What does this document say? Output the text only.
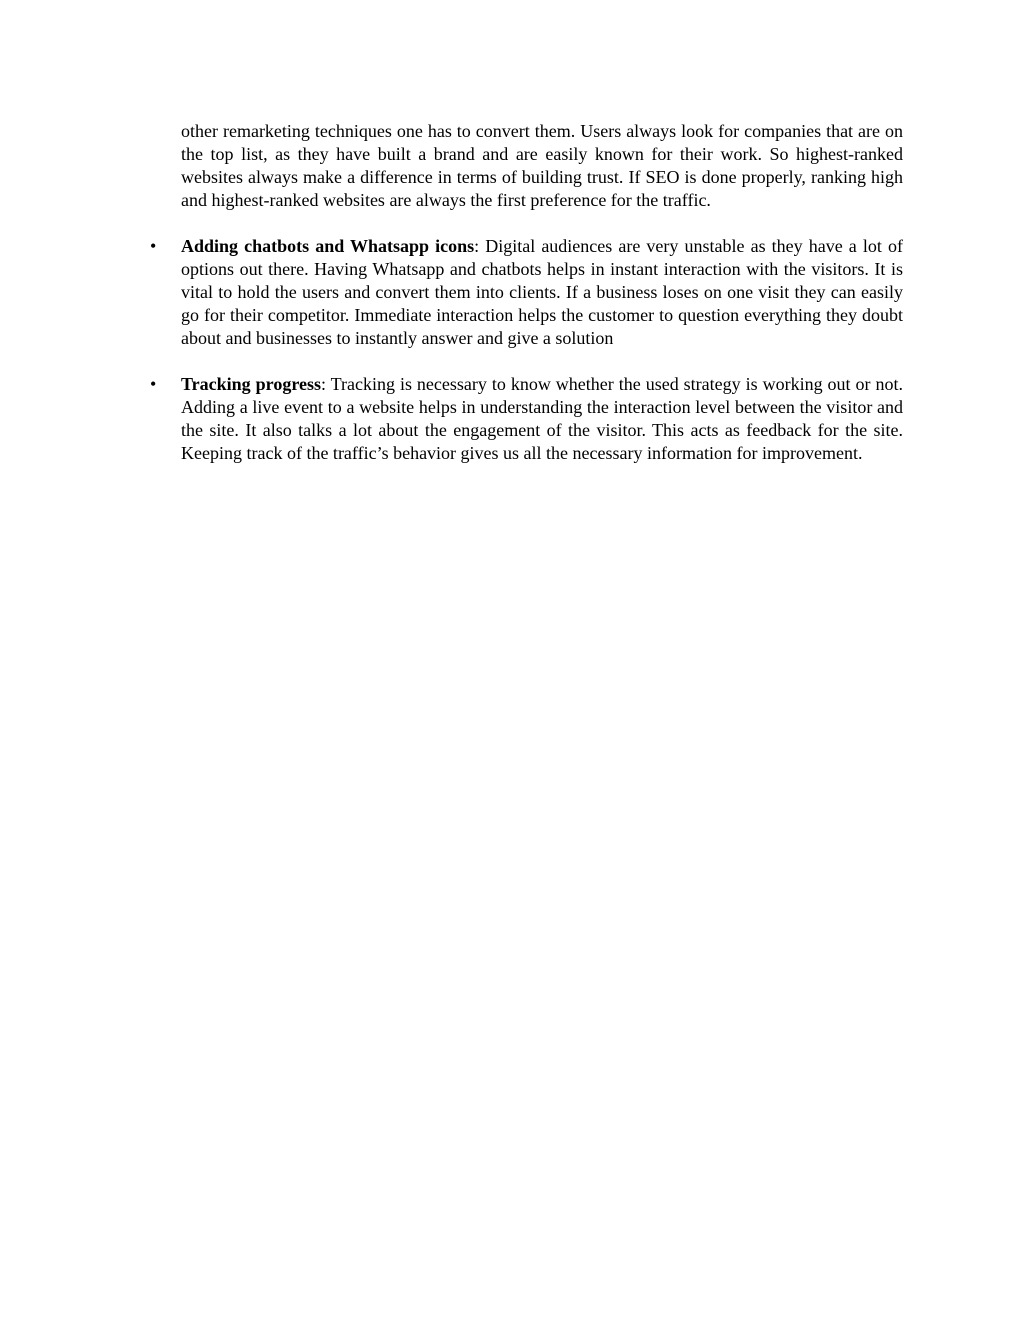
other remarketing techniques one has to convert them. Users always look for companies that are on the top list, as they have built a brand and are easily known for their work. So highest-ranked websites always make a difference in terms of building trust. If SEO is done properly, ranking high and highest-ranked websites are always the first preference for the traffic.

• Adding chatbots and Whatsapp icons: Digital audiences are very unstable as they have a lot of options out there. Having Whatsapp and chatbots helps in instant interaction with the visitors. It is vital to hold the users and convert them into clients. If a business loses on one visit they can easily go for their competitor. Immediate interaction helps the customer to question everything they doubt about and businesses to instantly answer and give a solution
• Tracking progress: Tracking is necessary to know whether the used strategy is working out or not. Adding a live event to a website helps in understanding the interaction level between the visitor and the site. It also talks a lot about the engagement of the visitor. This acts as feedback for the site. Keeping track of the traffic’s behavior gives us all the necessary information for improvement.
